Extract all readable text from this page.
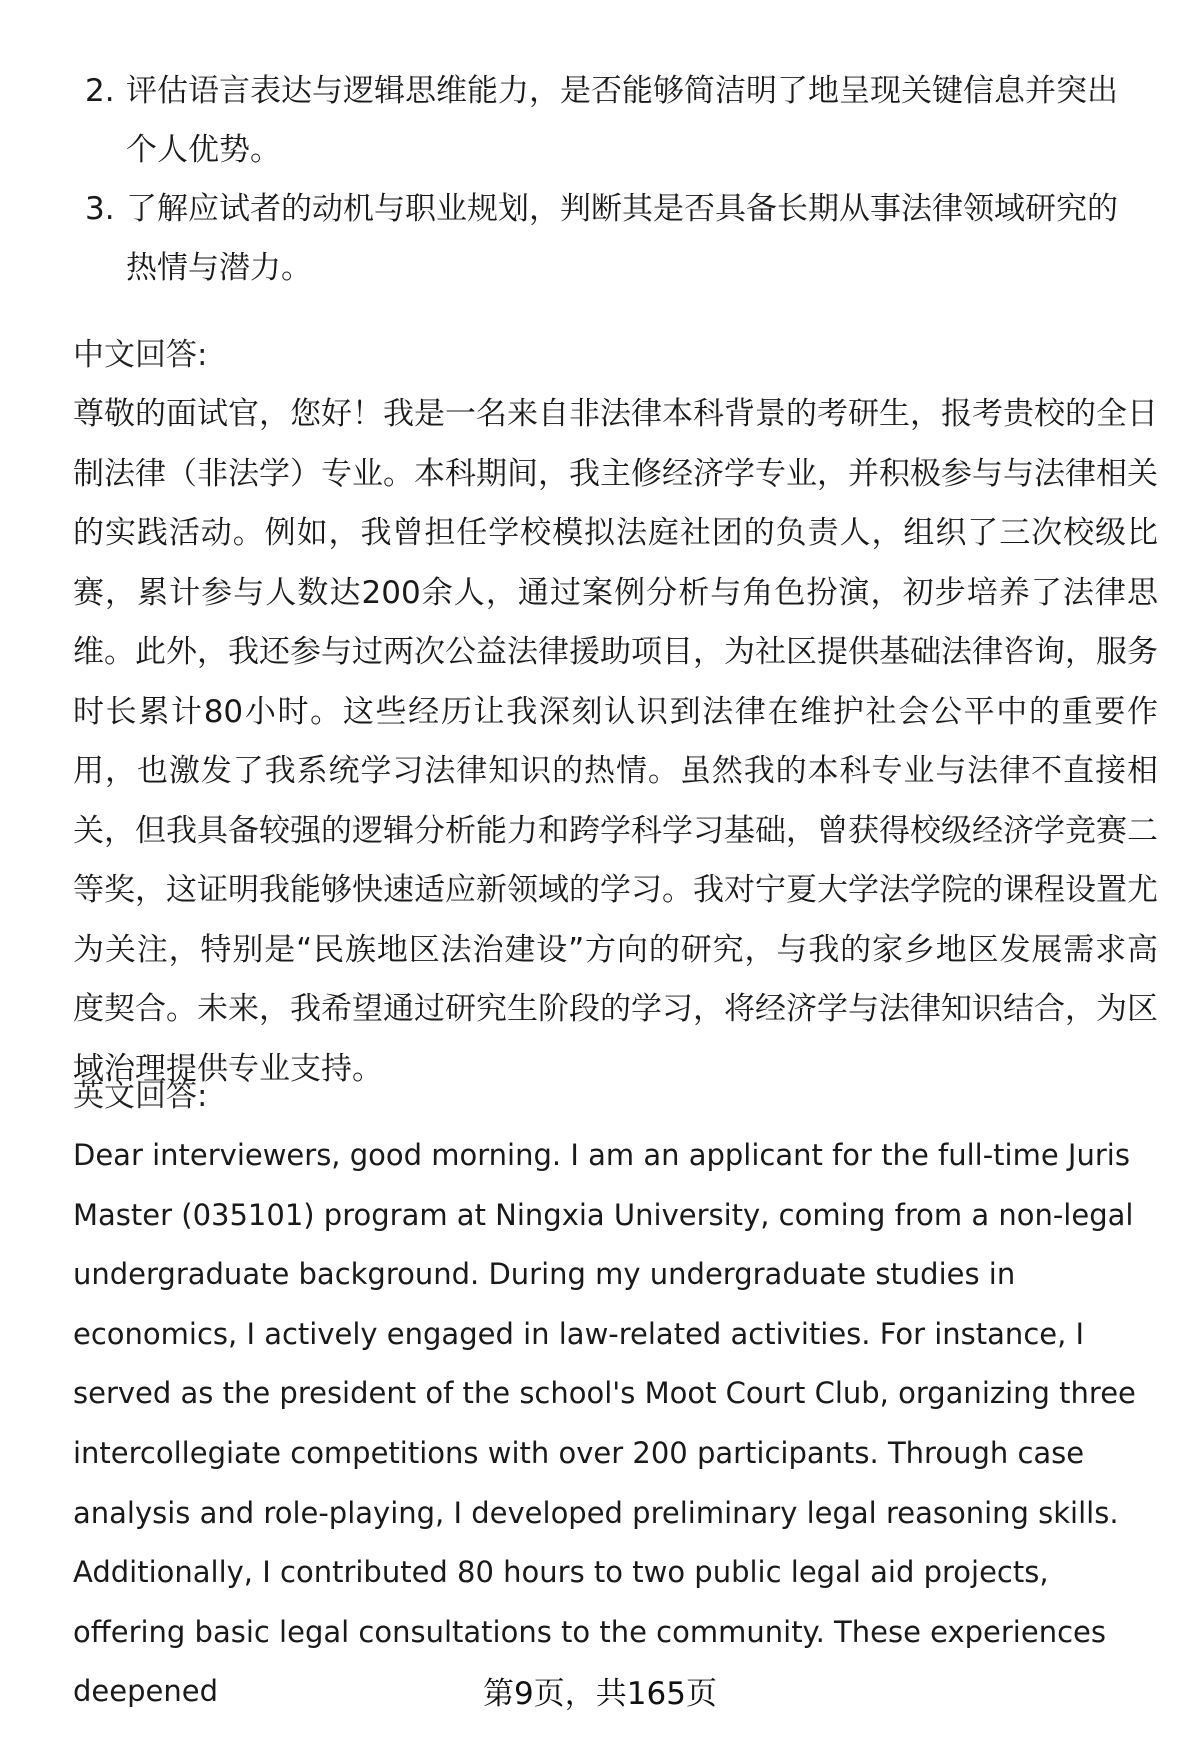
2. 评估语言表达与逻辑思维能力，是否能够简洁明了地呈现关键信息并突出个人优势。
3. 了解应试者的动机与职业规划，判断其是否具备长期从事法律领域研究的热情与潜力。
中文回答:

尊敬的面试官，您好！我是一名来自非法律本科背景的考研生，报考贵校的全日制法律（非法学）专业。本科期间，我主修经济学专业，并积极参与与法律相关的实践活动。例如，我曾担任学校模拟法庭社团的负责人，组织了三次校级比赛，累计参与人数达200余人，通过案例分析与角色扮演，初步培养了法律思维。此外，我还参与过两次公益法律援助项目，为社区提供基础法律咨询，服务时长累计80小时。这些经历让我深刻认识到法律在维护社会公平中的重要作用，也激发了我系统学习法律知识的热情。虽然我的本科专业与法律不直接相关，但我具备较强的逻辑分析能力和跨学科学习基础，曾获得校级经济学竞赛二等奖，这证明我能够快速适应新领域的学习。我对宁夏大学法学院的课程设置尤为关注，特别是“民族地区法治建设”方向的研究，与我的家乡地区发展需求高度契合。未来，我希望通过研究生阶段的学习，将经济学与法律知识结合，为区域治理提供专业支持。

英文回答:

Dear interviewers, good morning. I am an applicant for the full-time Juris Master (035101) program at Ningxia University, coming from a non-legal undergraduate background. During my undergraduate studies in economics, I actively engaged in law-related activities. For instance, I served as the president of the school's Moot Court Club, organizing three intercollegiate competitions with over 200 participants. Through case analysis and role-playing, I developed preliminary legal reasoning skills. Additionally, I contributed 80 hours to two public legal aid projects, offering basic legal consultations to the community. These experiences deepened	第9页，共165页
